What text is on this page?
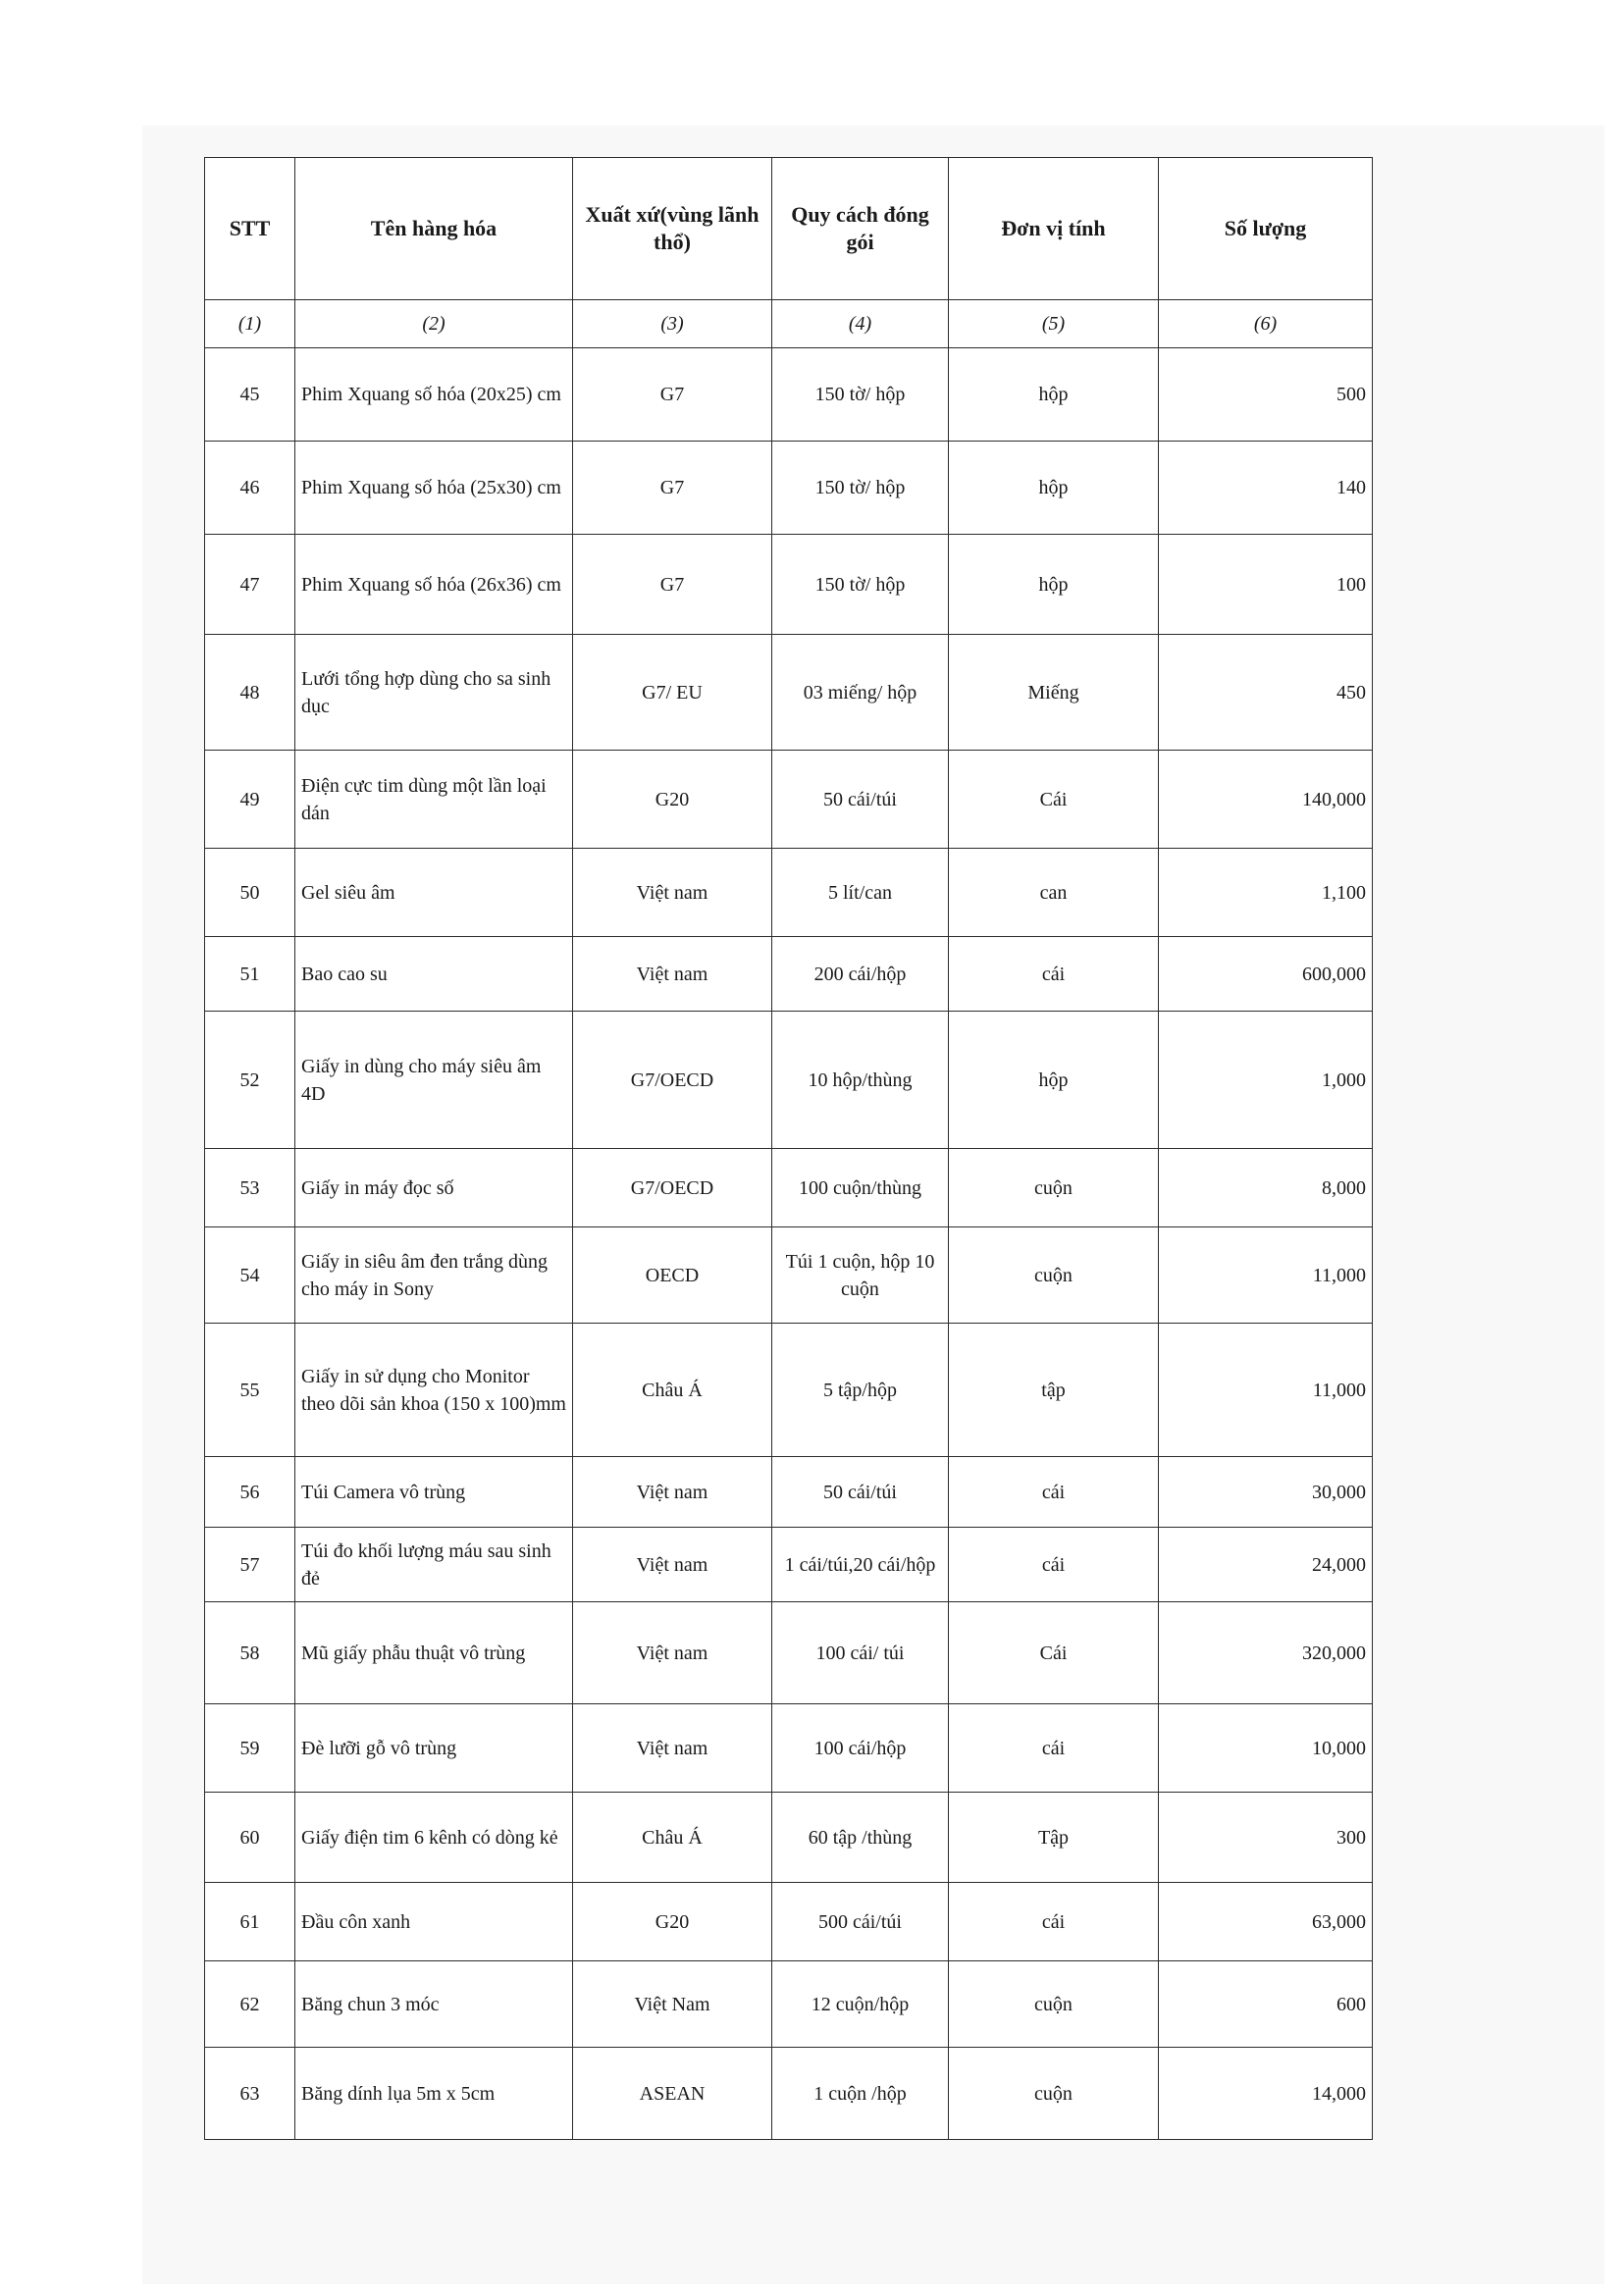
STT	Tên hàng hóa	Xuất xứ(vùng lãnh thổ)	Quy cách đóng gói	Đơn vị tính	Số lượng
(1)	(2)	(3)	(4)	(5)	(6)
45	Phim Xquang số hóa (20x25) cm	G7	150 tờ/ hộp	hộp	500
46	Phim Xquang số hóa (25x30) cm	G7	150 tờ/ hộp	hộp	140
47	Phim Xquang số hóa (26x36) cm	G7	150 tờ/ hộp	hộp	100
48	Lưới tổng hợp dùng cho sa sinh dục	G7/ EU	03 miếng/ hộp	Miếng	450
49	Điện cực tim dùng một lần loại dán	G20	50 cái/túi	Cái	140,000
50	Gel siêu âm	Việt nam	5 lít/can	can	1,100
51	Bao cao su	Việt nam	200 cái/hộp	cái	600,000
52	Giấy in dùng cho máy siêu âm 4D	G7/OECD	10 hộp/thùng	hộp	1,000
53	Giấy in máy đọc số	G7/OECD	100 cuộn/thùng	cuộn	8,000
54	Giấy in siêu âm đen trắng dùng cho máy in Sony	OECD	Túi 1 cuộn, hộp 10 cuộn	cuộn	11,000
55	Giấy in sử dụng cho Monitor theo dõi sản khoa (150 x 100)mm	Châu Á	5 tập/hộp	tập	11,000
56	Túi Camera vô trùng	Việt nam	50 cái/túi	cái	30,000
57	Túi đo khối lượng máu sau sinh đẻ	Việt nam	1 cái/túi,20 cái/hộp	cái	24,000
58	Mũ giấy phẫu thuật vô trùng	Việt nam	100 cái/ túi	Cái	320,000
59	Đè lưỡi gỗ vô trùng	Việt nam	100 cái/hộp	cái	10,000
60	Giấy điện tim 6 kênh có dòng kẻ	Châu Á	60 tập /thùng	Tập	300
61	Đầu côn xanh	G20	500 cái/túi	cái	63,000
62	Băng chun 3 móc	Việt Nam	12 cuộn/hộp	cuộn	600
63	Băng dính lụa 5m x 5cm	ASEAN	1 cuộn /hộp	cuộn	14,000
